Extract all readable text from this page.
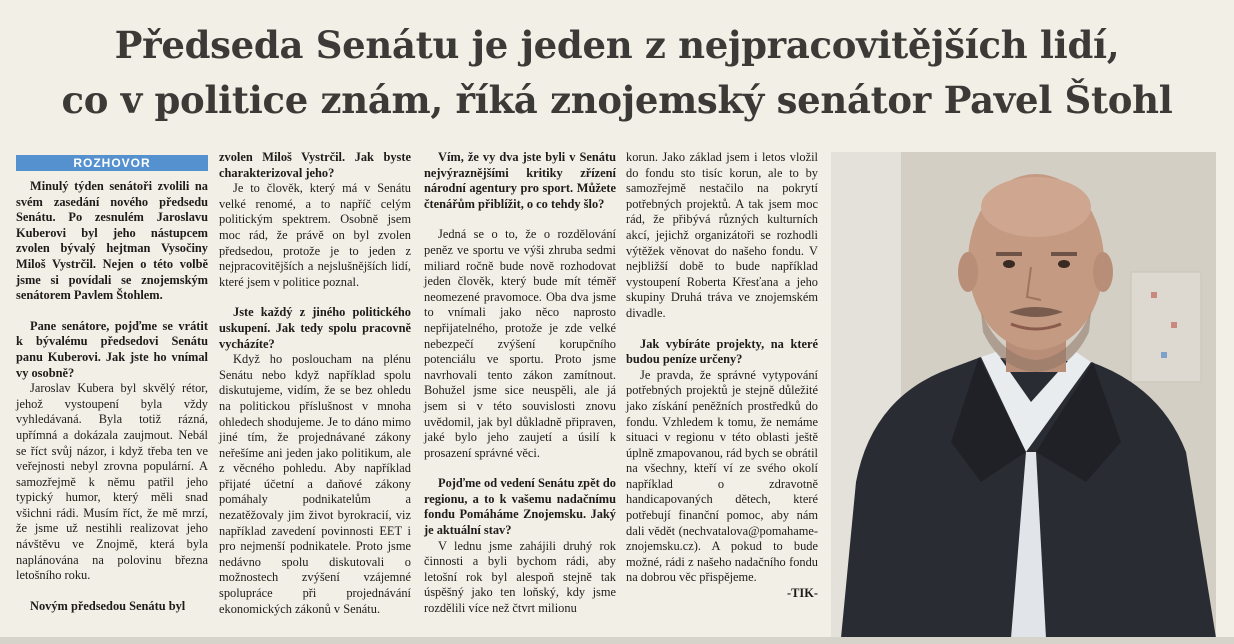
Předseda Senátu je jeden z nejpracovitějších lidí,
co v politice znám, říká znojemský senátor Pavel Štohl
ROZHOVOR

Minulý týden senátoři zvolili na svém zasedání nového předsedu Senátu. Po zesnulém Jaroslavu Kuberovi byl jeho nástupcem zvolen bývalý hejtman Vysočiny Miloš Vystrčil. Nejen o této volbě jsme si povídali se znojemským senátorem Pavlem Štohlem.

Pane senátore, pojďme se vrátit k bývalému předsedovi Senátu panu Kuberovi. Jak jste ho vnímal vy osobně?

Jaroslav Kubera byl skvělý rétor, jehož vystoupení byla vždy vyhledávaná. Byla totiž rázná, upřímná a dokázala zaujmout. Nebál se říct svůj názor, i když třeba ten ve veřejnosti nebyl zrovna populární. A samozřejmě k němu patřil jeho typický humor, který měli snad všichni rádi. Musím říct, že mě mrzí, že jsme už nestihli realizovat jeho návštěvu ve Znojmě, která byla naplánována na polovinu března letošního roku.

Novým předsedou Senátu byl
zvolen Miloš Vystrčil. Jak byste charakterizoval jeho?

Je to člověk, který má v Senátu velké renomé, a to napříč celým politickým spektrem. Osobně jsem moc rád, že právě on byl zvolen předsedou, protože je to jeden z nejpracovitějších a nejslušnějších lidí, které jsem v politice poznal.

Jste každý z jiného politického uskupení. Jak tedy spolu pracovně vycházíte?

Když ho posloucham na plénu Senátu nebo když například spolu diskutujeme, vidím, že se bez ohledu na politickou příslušnost v mnoha ohledech shodujeme. Je to dáno mimo jiné tím, že projednávané zákony neřešíme ani jeden jako politikum, ale z věcného pohledu. Aby například přijaté účetní a daňové zákony pomáhaly podnikatelům a nezatěžovaly jim život byrokracií, viz například zavedení povinnosti EET i pro nejmenší podnikatele. Proto jsme nedávno spolu diskutovali o možnostech zvýšení vzájemné spolupráce při projednávání ekonomických zákonů v Senátu.

Vím, že vy dva jste byli v Senátu nejvýraznějšími kritiky zřízení národní agentury pro sport. Můžete čtenářům přiblížit, o co tehdy šlo?

Jedná se o to, že o rozdělování peněz ve sportu ve výši zhruba sedmi miliard ročně bude nově rozhodovat jeden člověk, který bude mít téměř neomezené pravomoce. Oba dva jsme to vnímali jako něco naprosto nepřijatelného, protože je zde velké nebezpečí zvýšení korupčního potenciálu ve sportu. Proto jsme navrhovali tento zákon zamítnout. Bohužel jsme sice neuspěli, ale já jsem si v této souvislosti znovu uvědomil, jak byl důkladně připraven, jaké bylo jeho zaujetí a úsilí k prosazení správné věci.

Pojďme od vedení Senátu zpět do regionu, a to k vašemu nadačnímu fondu Pomáháme Znojemsku. Jaký je aktuální stav?

V lednu jsme zahájili druhý rok činnosti a byli bychom rádi, aby letošní rok byl alespoň stejně tak úspěšný jako ten loňský, kdy jsme rozdělili více než čtvrt milionu

korun. Jako základ jsem i letos vložil do fondu sto tisíc korun, ale to by samozřejmě nestačilo na pokrytí potřebných projektů. A tak jsem moc rád, že přibývá různých kulturních akcí, jejichž organizátoři se rozhodli výtěžek věnovat do našeho fondu. V nejbližší době to bude například vystoupení Roberta Křesťana a jeho skupiny Druhá tráva ve znojemském divadle.

Jak vybíráte projekty, na které budou peníze určeny?

Je pravda, že správné vytypování potřebných projektů je stejně důležité jako získání peněžních prostředků do fondu. Vzhledem k tomu, že nemáme situaci v regionu v této oblasti ještě úplně zmapovanou, rád bych se obrátil na všechny, kteří ví ze svého okolí například o zdravotně handicapovaných dětech, které potřebují finanční pomoc, aby nám dali vědět (nechvatalova@pomahame-znojemsku.cz). A pokud to bude možné, rádi z našeho nadačního fondu na dobrou věc přispějeme.

-TIK-
